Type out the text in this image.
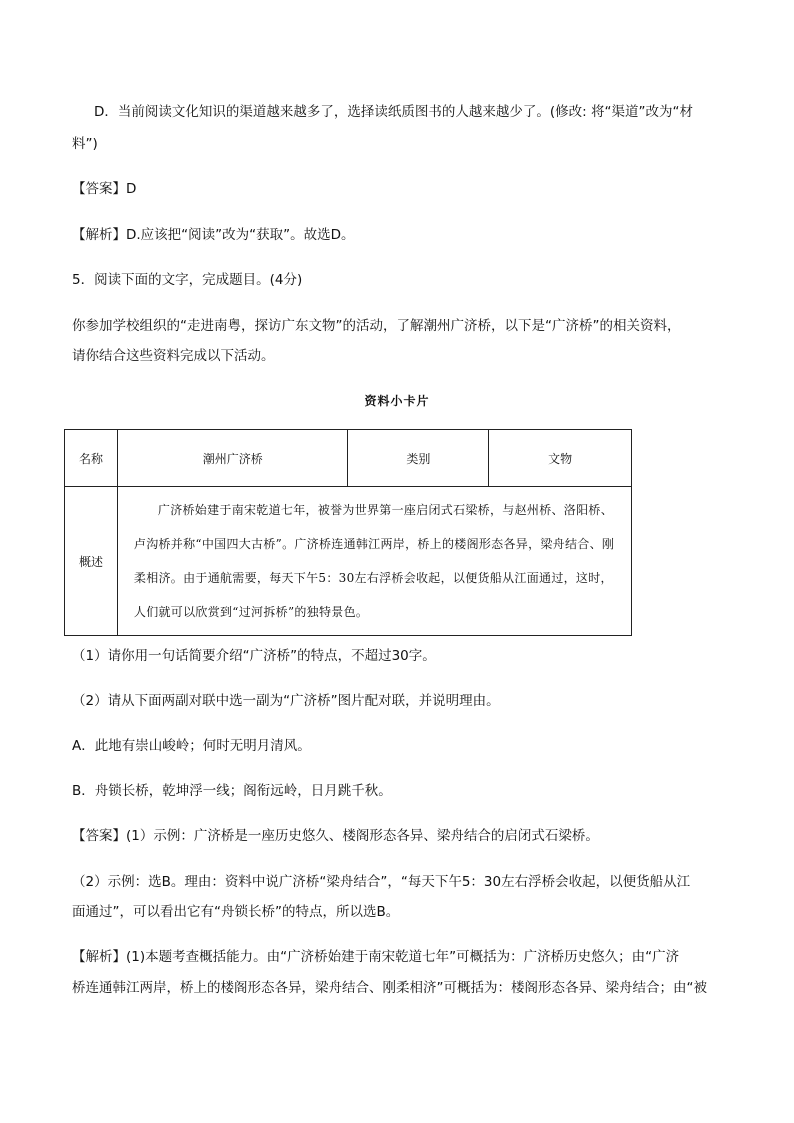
D．当前阅读文化知识的渠道越来越多了，选择读纸质图书的人越来越少了。(修改: 将“渠道”改为“材
料”)
【答案】D
【解析】D.应该把“阅读”改为“获取”。故选D。
5．阅读下面的文字，完成题目。(4分)
你参加学校组织的“走进南粤，探访广东文物”的活动，了解潮州广济桥，以下是“广济桥”的相关资料，
请你结合这些资料完成以下活动。
资料小卡片
名称	潮州广济桥	类别	文物
概述	广济桥始建于南宋乾道七年，被誉为世界第一座启闭式石梁桥，与赵州桥、洛阳桥、卢沟桥并称“中国四大古桥”。广济桥连通韩江两岸，桥上的楼阁形态各异，梁舟结合、刚柔相济。由于通航需要，每天下午5：30左右浮桥会收起，以便货船从江面通过，这时，人们就可以欣赏到“过河拆桥”的独特景色。		

（1）请你用一句话简要介绍“广济桥”的特点，不超过30字。
（2）请从下面两副对联中选一副为“广济桥”图片配对联，并说明理由。
A．此地有崇山峻岭；何时无明月清风。
B．舟锁长桥，乾坤浮一线；阁衔远岭，日月跳千秋。
【答案】(1）示例：广济桥是一座历史悠久、楼阁形态各异、梁舟结合的启闭式石梁桥。
（2）示例：选B。理由：资料中说广济桥“梁舟结合”，“每天下午5：30左右浮桥会收起，以便货船从江
面通过”，可以看出它有“舟锁长桥”的特点，所以选B。
【解析】(1)本题考查概括能力。由“广济桥始建于南宋乾道七年”可概括为：广济桥历史悠久；由“广济
桥连通韩江两岸，桥上的楼阁形态各异，梁舟结合、刚柔相济”可概括为：楼阁形态各异、梁舟结合；由“被
